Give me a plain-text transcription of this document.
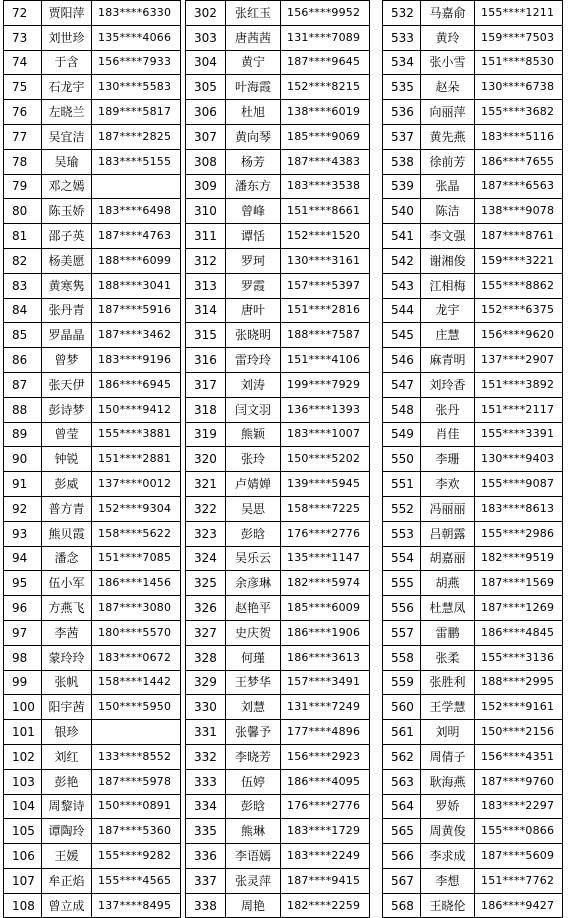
72	贾阳萍	183****6330
73	刘世珍	135****4066
74	于含	156****7933
75	石龙宇	130****5583
76	左晓兰	189****5817
77	吴宜洁	187****2825
78	吴瑜	183****5155
79	邓之嫣	
80	陈玉娇	183****6498
81	邵子英	187****4763
82	杨美愿	188****6099
83	黄寒隽	188****3041
84	张丹青	187****5916
85	罗晶晶	187****3462
86	曾梦	183****9196
87	张天伊	186****6945
88	彭诗梦	150****9412
89	曾莹	155****3881
90	钟锐	151****2881
91	彭威	137****0012
92	普方青	152****9304
93	熊贝霞	158****5622
94	潘念	151****7085
95	伍小军	186****1456
96	方燕飞	187****3080
97	李茜	180****5570
98	蒙玲玲	183****0672
99	张帆	158****1442
100	阳宇茜	150****5950
101	银珍	
102	刘红	133****8552
103	彭艳	187****5978
104	周黎诗	150****0891
105	谭陶玲	187****5360
106	王媛	155****9282
107	牟正焰	155****4565
108	曾立成	137****8495
302	张红玉	156****9952
303	唐茜茜	131****7089
304	黄宁	187****9645
305	叶海霞	152****8215
306	杜旭	138****6019
307	黄向琴	185****9069
308	杨芳	187****4383
309	潘东方	183****3538
310	曾峰	151****8661
311	谭恬	152****1520
312	罗珂	130****3161
313	罗霞	157****5397
314	唐叶	151****2816
315	张晓明	188****7587
316	雷玲玲	151****4106
317	刘涛	199****7929
318	闫文羽	136****1393
319	熊颖	183****1007
320	张玲	150****5202
321	卢婧婵	139****5945
322	吴思	158****7225
323	彭晗	176****2776
324	吴乐云	135****1147
325	余彦琳	182****5974
326	赵艳平	185****6009
327	史庆贺	186****1906
328	何瑾	186****3613
329	王梦华	157****3491
330	刘慧	131****7249
331	张馨予	177****4896
332	李晓芳	156****2923
333	伍婷	186****4095
334	彭晗	176****2776
335	熊琳	183****1729
336	李语嫣	183****2249
337	张灵萍	187****9415
338	周艳	182****2259
532	马嘉俞	155****1211
533	黄玲	159****7503
534	张小雪	151****8530
535	赵朵	130****6738
536	向丽萍	155****3682
537	黄先燕	183****5116
538	徐前芳	186****7655
539	张晶	187****6563
540	陈洁	138****9078
541	李文强	187****8761
542	谢湘俊	159****3221
543	江相梅	155****8862
544	龙宇	152****6375
545	庄慧	156****9620
546	麻青明	137****2907
547	刘玲香	151****3892
548	张丹	151****2117
549	肖佳	155****3391
550	李珊	130****9403
551	李欢	155****9087
552	冯丽丽	183****8613
553	吕朝露	155****2986
554	胡嘉丽	182****9519
555	胡燕	187****1569
556	杜慧凤	187****1269
557	雷鹏	186****4845
558	张柔	155****3136
559	张胜利	188****2995
560	王学慧	152****9161
561	刘明	150****2156
562	周倩子	156****4351
563	耿海燕	187****9760
564	罗娇	183****2297
565	周黄俊	155****0866
566	李求成	187****5609
567	李想	151****7762
568	王晓伦	186****9427
